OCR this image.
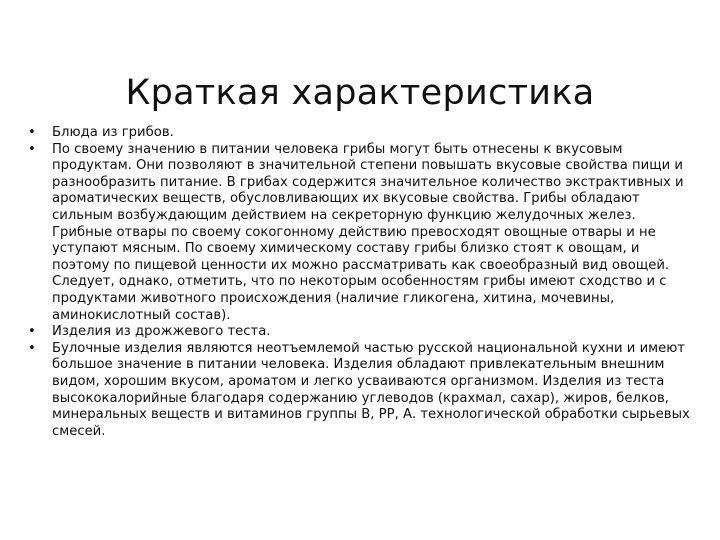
Краткая характеристика
•	Блюда из грибов.
•	По своему значению в питании человека грибы могут быть отнесены к вкусовым продуктам. Они позволяют в значительной степени повышать вкусовые свойства пищи и разнообразить питание. В грибах содержится значительное количество экстрактивных и ароматических веществ, обусловливающих их вкусовые свойства. Грибы обладают сильным возбуждающим действием на секреторную функцию желудочных желез. Грибные отвары по своему сокогонному действию превосходят овощные отвары и не уступают мясным. По своему химическому составу грибы близко стоят к овощам, и поэтому по пищевой ценности их можно рассматривать как своеобразный вид овощей. Следует, однако, отметить, что по некоторым особенностям грибы имеют сходство и с продуктами животного происхождения (наличие гликогена, хитина, мочевины, аминокислотный состав).
•	Изделия из дрожжевого теста.
•	Булочные изделия являются неотъемлемой частью русской национальной кухни и имеют большое значение в питании человека. Изделия обладают привлекательным внешним видом, хорошим вкусом, ароматом и легко усваиваются организмом. Изделия из теста высококалорийные благодаря содержанию углеводов (крахмал, сахар), жиров, белков, минеральных веществ и витаминов группы В, РР, А. технологической обработки сырьевых смесей.
